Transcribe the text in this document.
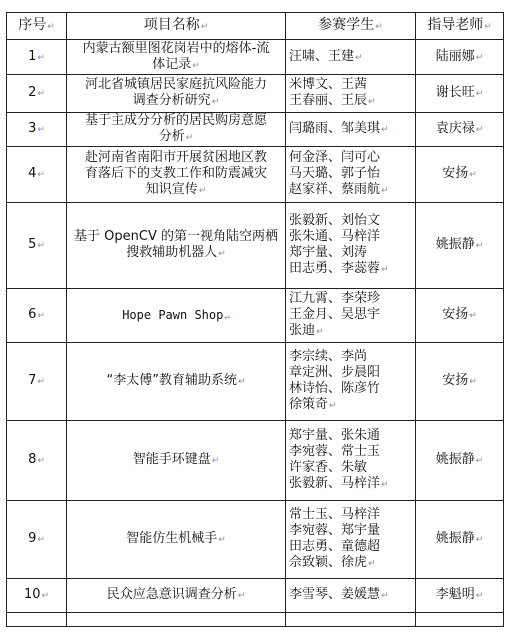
序号↵	项目名称↵	参赛学生↵	指导老师↵
1↵	内蒙古额里图花岗岩中的熔体-流
体记录↵	汪啸、王建↵	陆丽娜↵
2↵	河北省城镇居民家庭抗风险能力
调查分析研究↵	米博文、王茜
王春丽、王辰↵	谢长旺↵
3↵	基于主成分分析的居民购房意愿
分析↵	闫璐雨、邹美琪↵	袁庆禄↵
4↵	赴河南省南阳市开展贫困地区教
育落后下的支教工作和防震减灾
知识宣传↵	何金泽、闫可心
马天璐、郭子怡
赵家祥、蔡雨航↵	安扬↵
5↵	基于 OpenCV 的第一视角陆空两栖
搜救辅助机器人↵	张毅新、刘怡文
张朱通、马梓洋
郑宇量、刘涛
田志勇、李蕊蓉↵	姚振静↵
6↵	Hope Pawn Shop↵	江九霄、李荣珍
王金月、吴思宇
张迪↵	安扬↵
7↵	“李太傅”教育辅助系统↵	李宗续、李尚
章定洲、步晨阳
林诗怡、陈彦竹
徐策奇↵	安扬↵
8↵	智能手环键盘↵	郑宇量、张朱通
李宛蓉、常士玉
许家香、朱敏
张毅新、马梓洋↵	姚振静↵
9↵	智能仿生机械手↵	常士玉、马梓洋
李宛蓉、郑宇量
田志勇、童德超
佘致颖、徐虎↵	姚振静↵
10↵	民众应急意识调查分析↵	李雪琴、姜媛慧↵	李魁明↵
